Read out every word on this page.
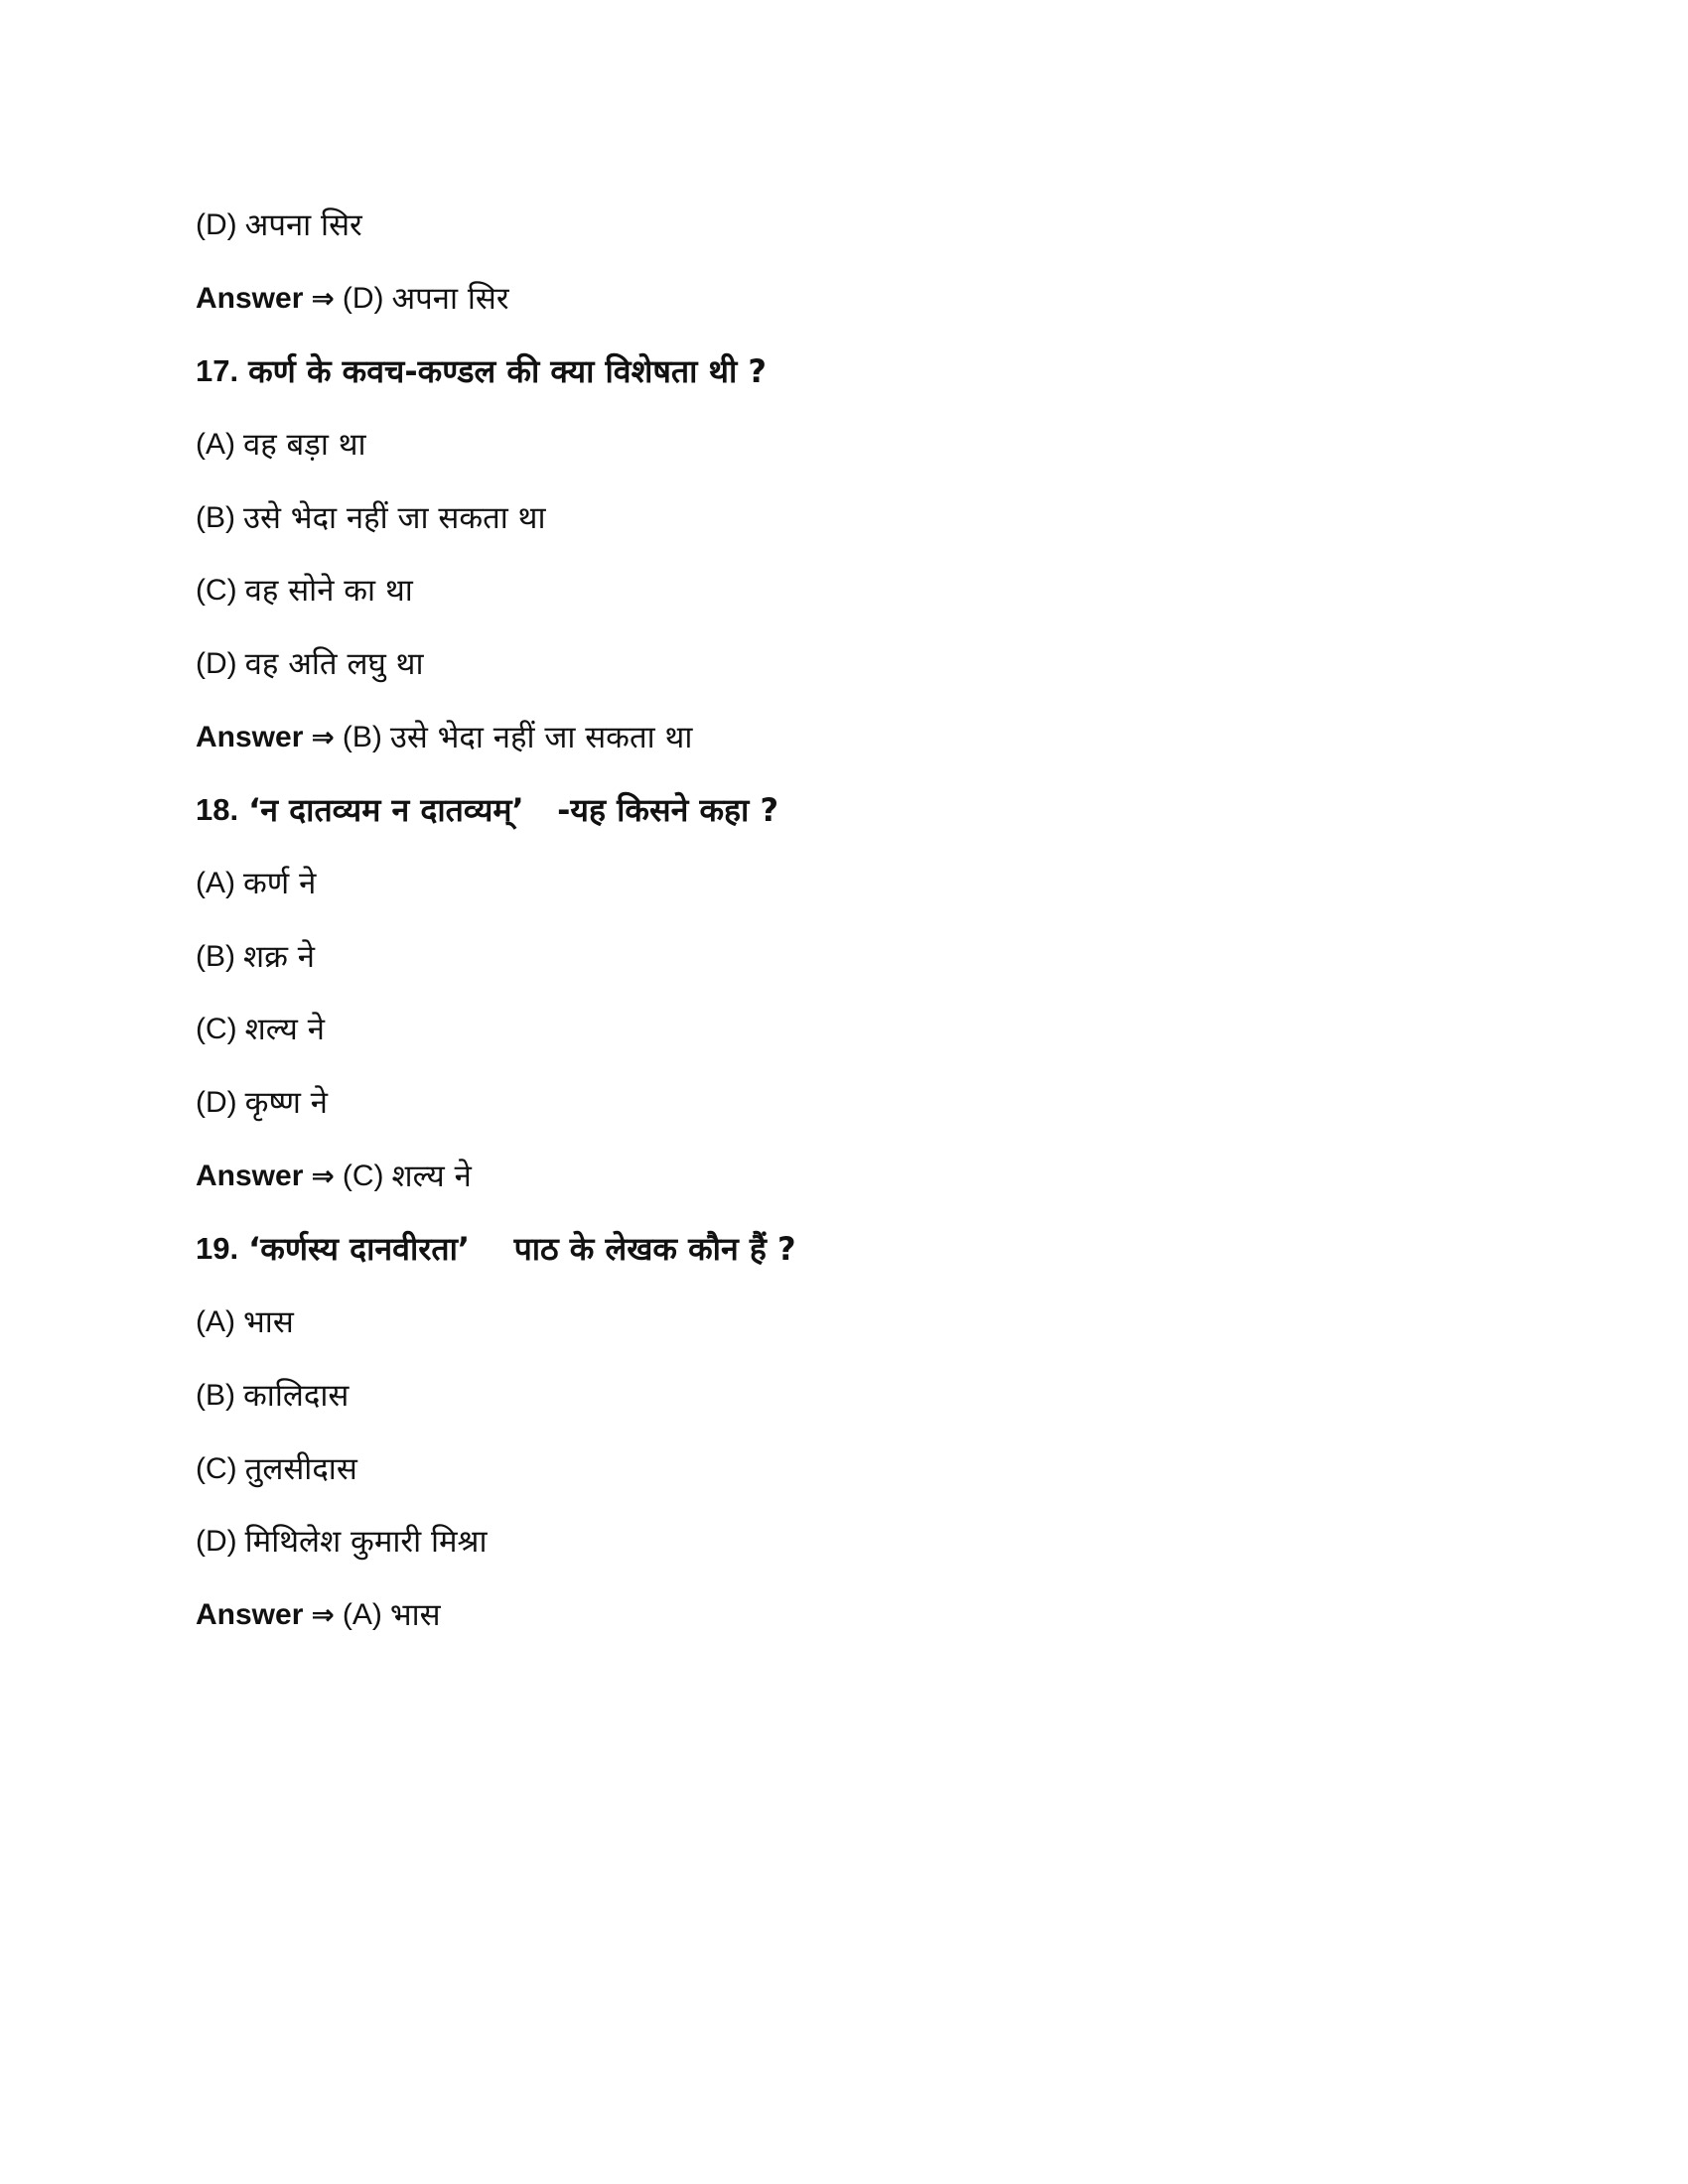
(D) अपना सिर
Answer ⇒ (D) अपना सिर
17. कर्ण के कवच-कण्डल की क्या विशेषता थी ?
(A) वह बड़ा था
(B) उसे भेदा नहीं जा सकता था
(C) वह सोने का था
(D) वह अति लघु था
Answer ⇒ (B) उसे भेदा नहीं जा सकता था
18. ‘न दातव्यम न दातव्यम्’   -यह किसने कहा ?
(A) कर्ण ने
(B) शक्र ने
(C) शल्य ने
(D) कृष्ण ने
Answer ⇒ (C) शल्य ने
19. ‘कर्णस्य दानवीरता’    पाठ के लेखक कौन हैं ?
(A) भास
(B) कालिदास
(C) तुलसीदास
(D) मिथिलेश कुमारी मिश्रा
Answer ⇒ (A) भास
